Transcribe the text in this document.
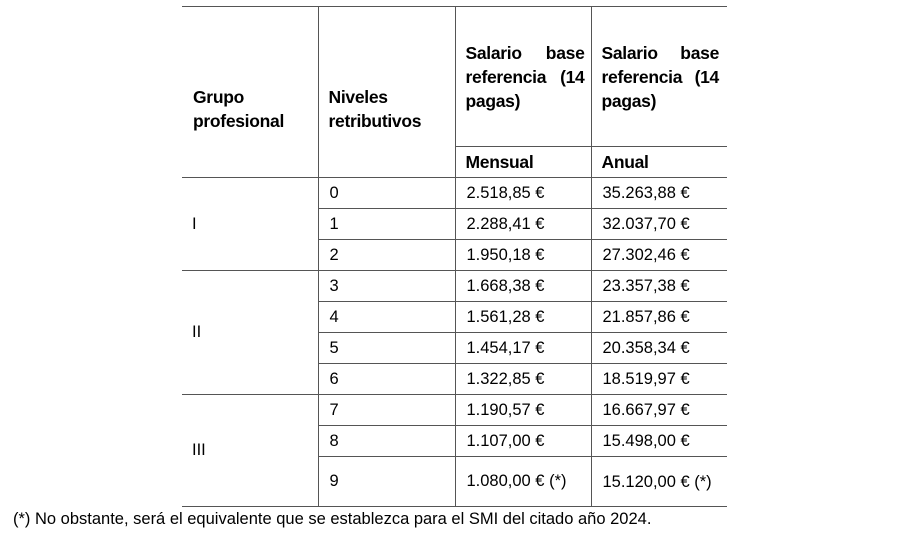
Grupo profesional	Niveles retributivos	Salario base referencia (14 pagas)	Salario base referencia (14 pagas)

		Mensual	Anual
I	0	2.518,85 €	35.263,88 €
	1	2.288,41 €	32.037,70 €
	2	1.950,18 €	27.302,46 €
II	3	1.668,38 €	23.357,38 €
	4	1.561,28 €	21.857,86 €
	5	1.454,17 €	20.358,34 €
	6	1.322,85 €	18.519,97 €
III	7	1.190,57 €	16.667,97 €
	8	1.107,00 €	15.498,00 €
	9	1.080,00 € (*)	15.120,00 € (*)
(*) No obstante, será el equivalente que se establezca para el SMI del citado año 2024.
